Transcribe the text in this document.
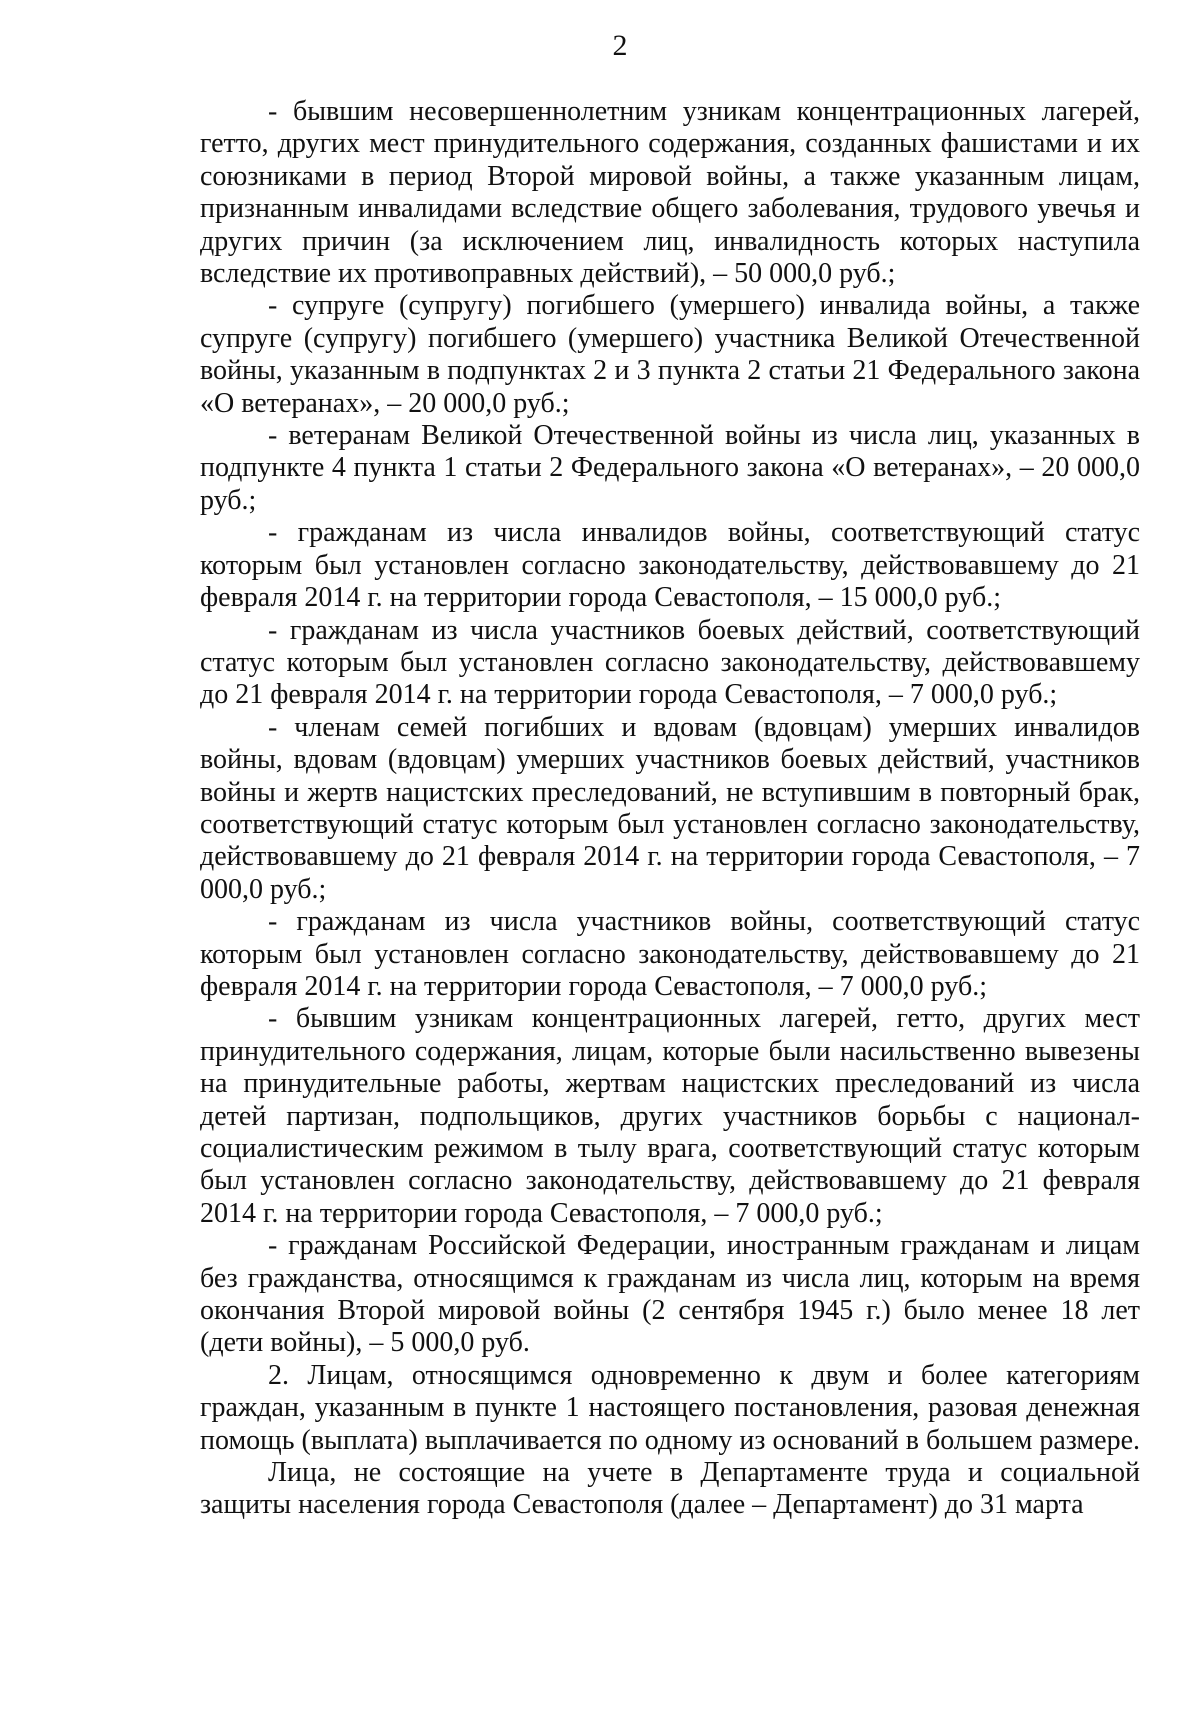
2

- бывшим несовершеннолетним узникам концентрационных лагерей, гетто, других мест принудительного содержания, созданных фашистами и их союзниками в период Второй мировой войны, а также указанным лицам, признанным инвалидами вследствие общего заболевания, трудового увечья и других причин (за исключением лиц, инвалидность которых наступила вследствие их противоправных действий), – 50 000,0 руб.;

- супруге (супругу) погибшего (умершего) инвалида войны, а также супруге (супругу) погибшего (умершего) участника Великой Отечественной войны, указанным в подпунктах 2 и 3 пункта 2 статьи 21 Федерального закона «О ветеранах», – 20 000,0 руб.;

- ветеранам Великой Отечественной войны из числа лиц, указанных в подпункте 4 пункта 1 статьи 2 Федерального закона «О ветеранах», – 20 000,0 руб.;

- гражданам из числа инвалидов войны, соответствующий статус которым был установлен согласно законодательству, действовавшему до 21 февраля 2014 г. на территории города Севастополя, – 15 000,0 руб.;

- гражданам из числа участников боевых действий, соответствующий статус которым был установлен согласно законодательству, действовавшему до 21 февраля 2014 г. на территории города Севастополя, – 7 000,0 руб.;

- членам семей погибших и вдовам (вдовцам) умерших инвалидов войны, вдовам (вдовцам) умерших участников боевых действий, участников войны и жертв нацистских преследований, не вступившим в повторный брак, соответствующий статус которым был установлен согласно законодательству, действовавшему до 21 февраля 2014 г. на территории города Севастополя, – 7 000,0 руб.;

- гражданам из числа участников войны, соответствующий статус которым был установлен согласно законодательству, действовавшему до 21 февраля 2014 г. на территории города Севастополя, – 7 000,0 руб.;

- бывшим узникам концентрационных лагерей, гетто, других мест принудительного содержания, лицам, которые были насильственно вывезены на принудительные работы, жертвам нацистских преследований из числа детей партизан, подпольщиков, других участников борьбы с национал-социалистическим режимом в тылу врага, соответствующий статус которым был установлен согласно законодательству, действовавшему до 21 февраля 2014 г. на территории города Севастополя, – 7 000,0 руб.;

- гражданам Российской Федерации, иностранным гражданам и лицам без гражданства, относящимся к гражданам из числа лиц, которым на время окончания Второй мировой войны (2 сентября 1945 г.) было менее 18 лет (дети войны), – 5 000,0 руб.

2. Лицам, относящимся одновременно к двум и более категориям граждан, указанным в пункте 1 настоящего постановления, разовая денежная помощь (выплата) выплачивается по одному из оснований в большем размере.

Лица, не состоящие на учете в Департаменте труда и социальной защиты населения города Севастополя (далее – Департамент) до 31 марта
